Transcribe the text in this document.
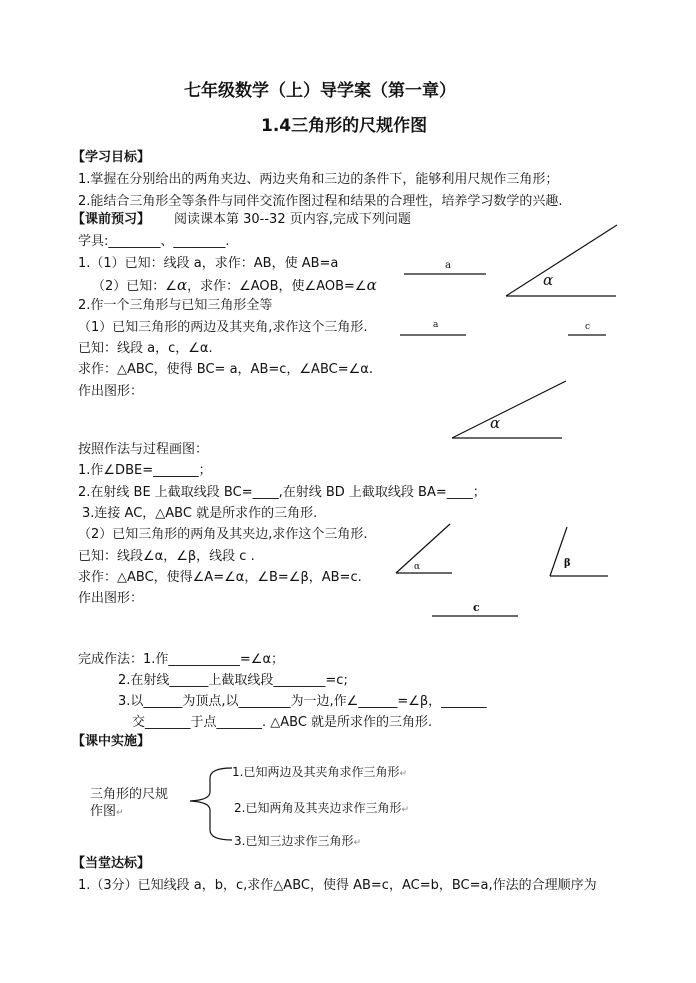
七年级数学（上）导学案（第一章）
1.4三角形的尺规作图
【学习目标】
1.掌握在分别给出的两角夹边、两边夹角和三边的条件下，能够利用尺规作三角形；
2.能结合三角形全等条件与同伴交流作图过程和结果的合理性，培养学习数学的兴趣.
【课前预习】 阅读课本第 30--32 页内容,完成下列问题
学具:________、________.
1.（1）已知：线段 a，求作：AB，使 AB=a
（2）已知：∠α，求作：∠AOB，使∠AOB=∠α
2.作一个三角形与已知三角形全等
（1）已知三角形的两边及其夹角,求作这个三角形.
已知：线段 a，c，∠α.
求作：△ABC，使得 BC= a，AB=c，∠ABC=∠α.
作出图形：
按照作法与过程画图：
1.作∠DBE=_______；
2.在射线 BE 上截取线段 BC=____,在射线 BD 上截取线段 BA=____；
3.连接 AC，△ABC 就是所求作的三角形.
（2）已知三角形的两角及其夹边,求作这个三角形.
已知：线段∠α，∠β，线段 c .
求作：△ABC，使得∠A=∠α，∠B=∠β，AB=c.
作出图形：
完成作法：1.作___________=∠α；
2.在射线______上截取线段________=c;
3.以______为顶点,以________为一边,作∠______=∠β，_______
交_______于点_______. △ABC 就是所求作的三角形.
【课中实施】
三角形的尺规
作图↵
1.已知两边及其夹角求作三角形↵
2.已知两角及其夹边求作三角形↵
3.已知三边求作三角形↵
【当堂达标】
1.（3分）已知线段 a，b，c,求作△ABC，使得 AB=c，AC=b，BC=a,作法的合理顺序为
a
α
a	c
α
α	β
c
